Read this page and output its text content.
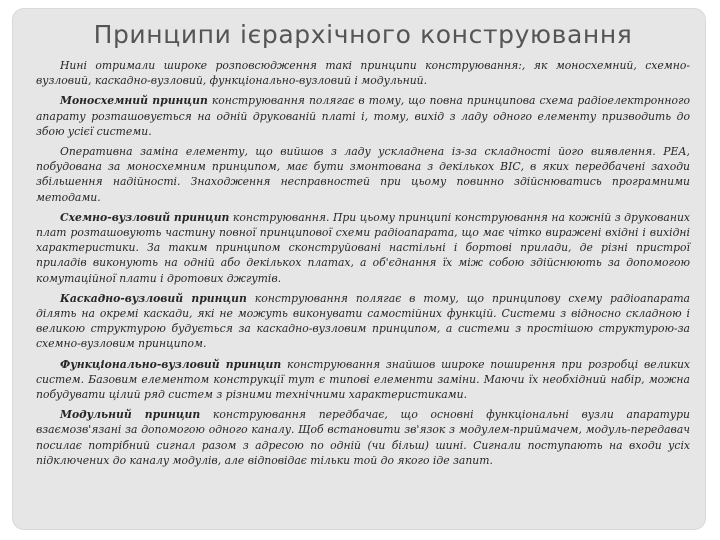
Принципи ієрархічного конструювання

Нині отримали широке розповсюдження такі принципи конструювання:, як моносхемний, схемно-вузловий, каскадно-вузловий, функціонально-вузловий і модульний.

Моносхемний принцип конструювання полягає в тому, що повна принципова схема радіоелектронного апарату розташовується на одній друкованій платі і, тому, вихід з ладу одного елементу призводить до збою усієї системи.

Оперативна заміна елементу, що вийшов з ладу ускладнена із-за складності його виявлення. РЕА, побудована за моносхемним принципом, має бути змонтована з декількох ВІС, в яких передбачені заходи збільшення надійності. Знаходження несправностей при цьому повинно здійснюватись програмними методами.

Схемно-вузловий принцип конструювання. При цьому принципі конструювання на кожній з друкованих плат розташовують частину повної принципової схеми радіоапарата, що має чітко виражені вхідні і вихідні характеристики. За таким принципом сконструйовані настільні і бортові прилади, де різні пристрої приладів виконують на одній або декількох платах, а об'єднання їх між собою здійснюють за допомогою комутаційної плати і дротових джгутів.

Каскадно-вузловий принцип конструювання полягає в тому, що принципову схему радіоапарата ділять на окремі каскади, які не можуть виконувати самостійних функцій. Системи з відносно складною і великою структурою будується за каскадно-вузловим принципом, а системи з простішою структурою-за схемно-вузловим принципом.

Функціонально-вузловий принцип конструювання знайшов широке поширення при розробці великих систем. Базовим елементом конструкції тут є типові елементи заміни. Маючи їх необхідний набір, можна побудувати цілий ряд систем з різними технічними характеристиками.

Модульний принцип конструювання передбачає, що основні функціональні вузли апаратури взаємозв'язані за допомогою одного каналу. Щоб встановити зв'язок з модулем-приймачем, модуль-передавач посилає потрібний сигнал разом з адресою по одній (чи більш) шині. Сигнали поступають на входи усіх підключених до каналу модулів, але відповідає тільки той до якого іде запит.
